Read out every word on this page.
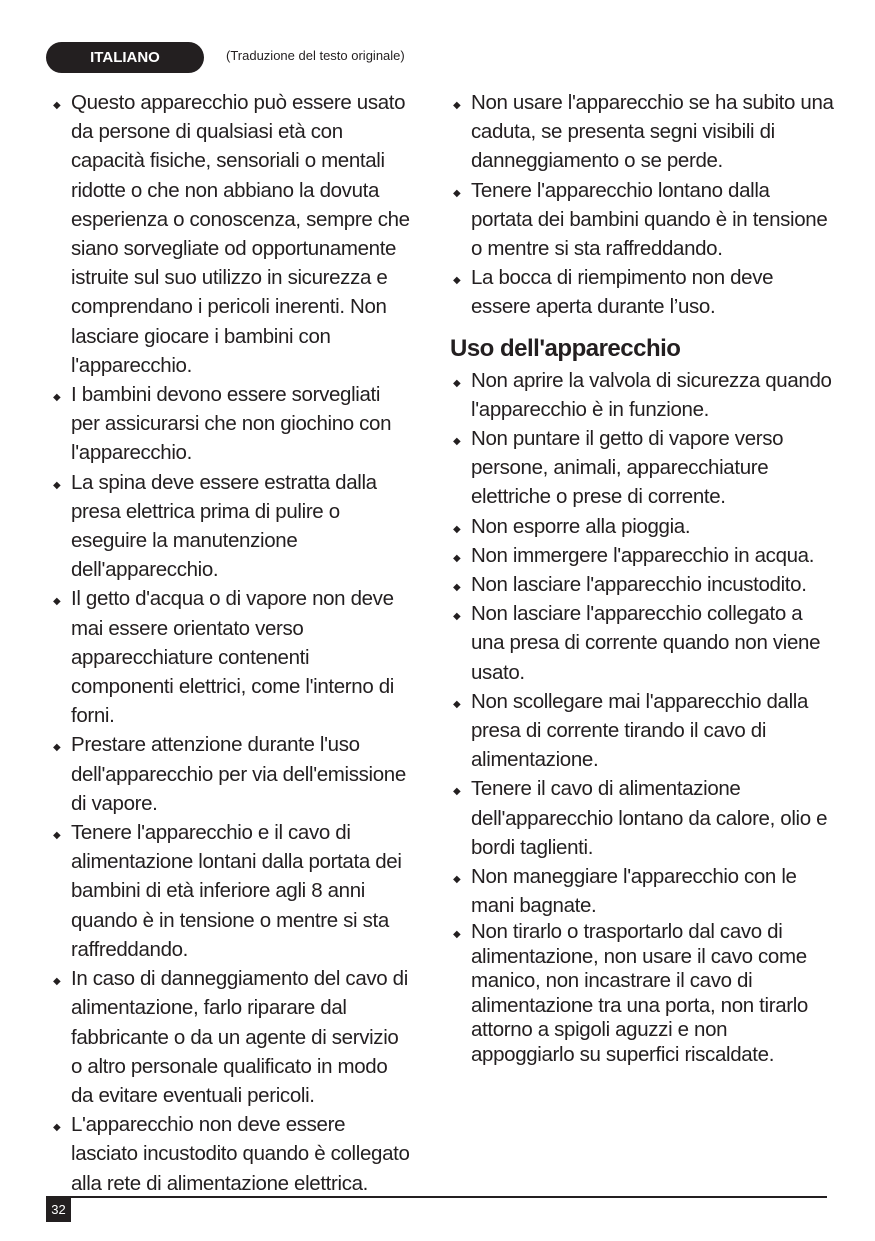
ITALIANO	(Traduzione del testo originale)
◆
Questo apparecchio può essere usato da persone di qualsiasi età con capacità fisiche, sensoriali o mentali ridotte o che non abbiano la dovuta esperienza o conoscenza, sempre che siano sorvegliate od opportunamente istruite sul suo utilizzo in sicurezza e comprendano i pericoli inerenti. Non lasciare giocare i bambini con l'apparecchio.
◆
I bambini devono essere sorvegliati per assicurarsi che non giochino con l'apparecchio.
◆
La spina deve essere estratta dalla presa elettrica prima di pulire o eseguire la manutenzione dell'apparecchio.
◆
Il getto d'acqua o di vapore non deve mai essere orientato verso apparecchiature contenenti componenti elettrici, come l'interno di forni.
◆
Prestare attenzione durante l'uso dell'apparecchio per via dell'emissione di vapore.
◆
Tenere l'apparecchio e il cavo di alimentazione lontani dalla portata dei bambini di età inferiore agli 8 anni quando è in tensione o mentre si sta raffreddando.
◆
In caso di danneggiamento del cavo di alimentazione, farlo riparare dal fabbricante o da un agente di servizio o altro personale qualificato in modo da evitare eventuali pericoli.
◆
L'apparecchio non deve essere lasciato incustodito quando è collegato alla rete di alimentazione elettrica.
◆
Non usare l'apparecchio se ha subito una caduta, se presenta segni visibili di danneggiamento o se perde.
◆
Tenere l'apparecchio lontano dalla portata dei bambini quando è in tensione o mentre si sta raffreddando.
◆
La bocca di riempimento non deve essere aperta durante l’uso.
Uso dell'apparecchio
◆
Non aprire la valvola di sicurezza quando l'apparecchio è in funzione.
◆
Non puntare il getto di vapore verso persone, animali, apparecchiature elettriche o prese di corrente.
◆
Non esporre alla pioggia.
◆
Non immergere l'apparecchio in acqua.
◆
Non lasciare l'apparecchio incustodito.
◆
Non lasciare l'apparecchio collegato a una presa di corrente quando non viene usato.
◆
Non scollegare mai l'apparecchio dalla presa di corrente tirando il cavo di alimentazione.
◆
Tenere il cavo di alimentazione dell'apparecchio lontano da calore, olio e bordi taglienti.
◆
Non maneggiare l'apparecchio con le mani bagnate.
◆
Non tirarlo o trasportarlo dal cavo di alimentazione, non usare il cavo come manico, non incastrare il cavo di alimentazione tra una porta, non tirarlo attorno a spigoli aguzzi e non appoggiarlo su superfici riscaldate.
32
